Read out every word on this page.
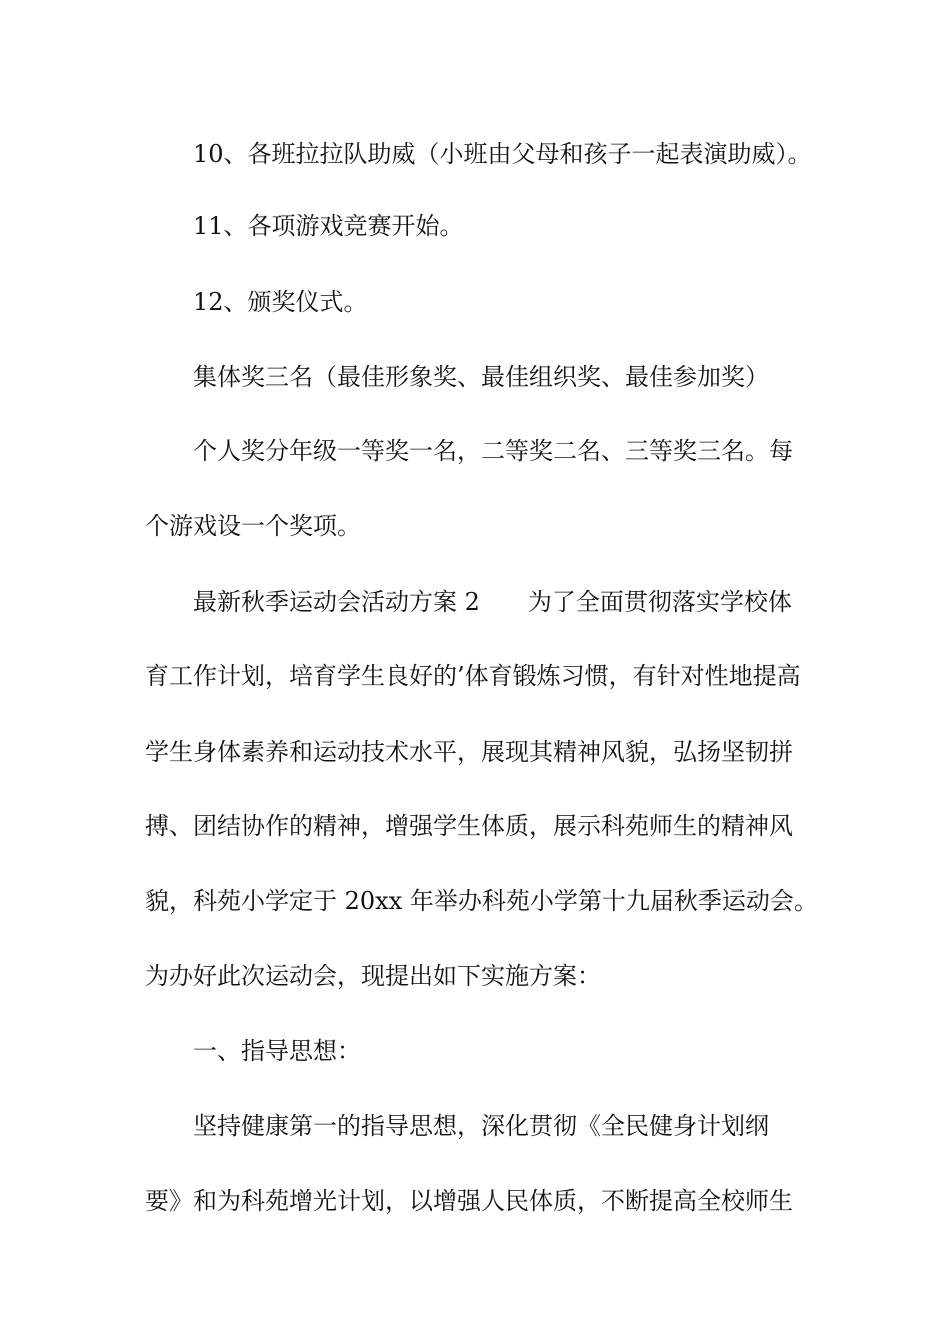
10、各班拉拉队助威（小班由父母和孩子一起表演助威）。
11、各项游戏竞赛开始。
12、颁奖仪式。
集体奖三名（最佳形象奖、最佳组织奖、最佳参加奖）
个人奖分年级一等奖一名，二等奖二名、三等奖三名。每
个游戏设一个奖项。
最新秋季运动会活动方案 2 为了全面贯彻落实学校体
育工作计划，培育学生良好的’体育锻炼习惯，有针对性地提高
学生身体素养和运动技术水平，展现其精神风貌，弘扬坚韧拼
搏、团结协作的精神，增强学生体质，展示科苑师生的精神风
貌，科苑小学定于 20xx 年举办科苑小学第十九届秋季运动会。
为办好此次运动会，现提出如下实施方案：
一、指导思想：
坚持健康第一的指导思想，深化贯彻《全民健身计划纲
要》和为科苑增光计划，以增强人民体质，不断提高全校师生
